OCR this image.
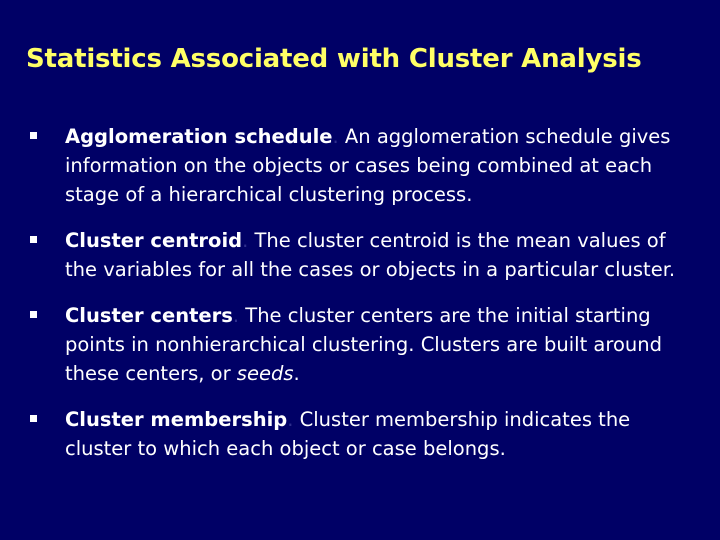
Statistics Associated with Cluster Analysis
Agglomeration schedule. An agglomeration schedule gives information on the objects or cases being combined at each stage of a hierarchical clustering process.
Cluster centroid. The cluster centroid is the mean values of the variables for all the cases or objects in a particular cluster.
Cluster centers. The cluster centers are the initial starting points in nonhierarchical clustering. Clusters are built around these centers, or seeds.
Cluster membership. Cluster membership indicates the cluster to which each object or case belongs.
